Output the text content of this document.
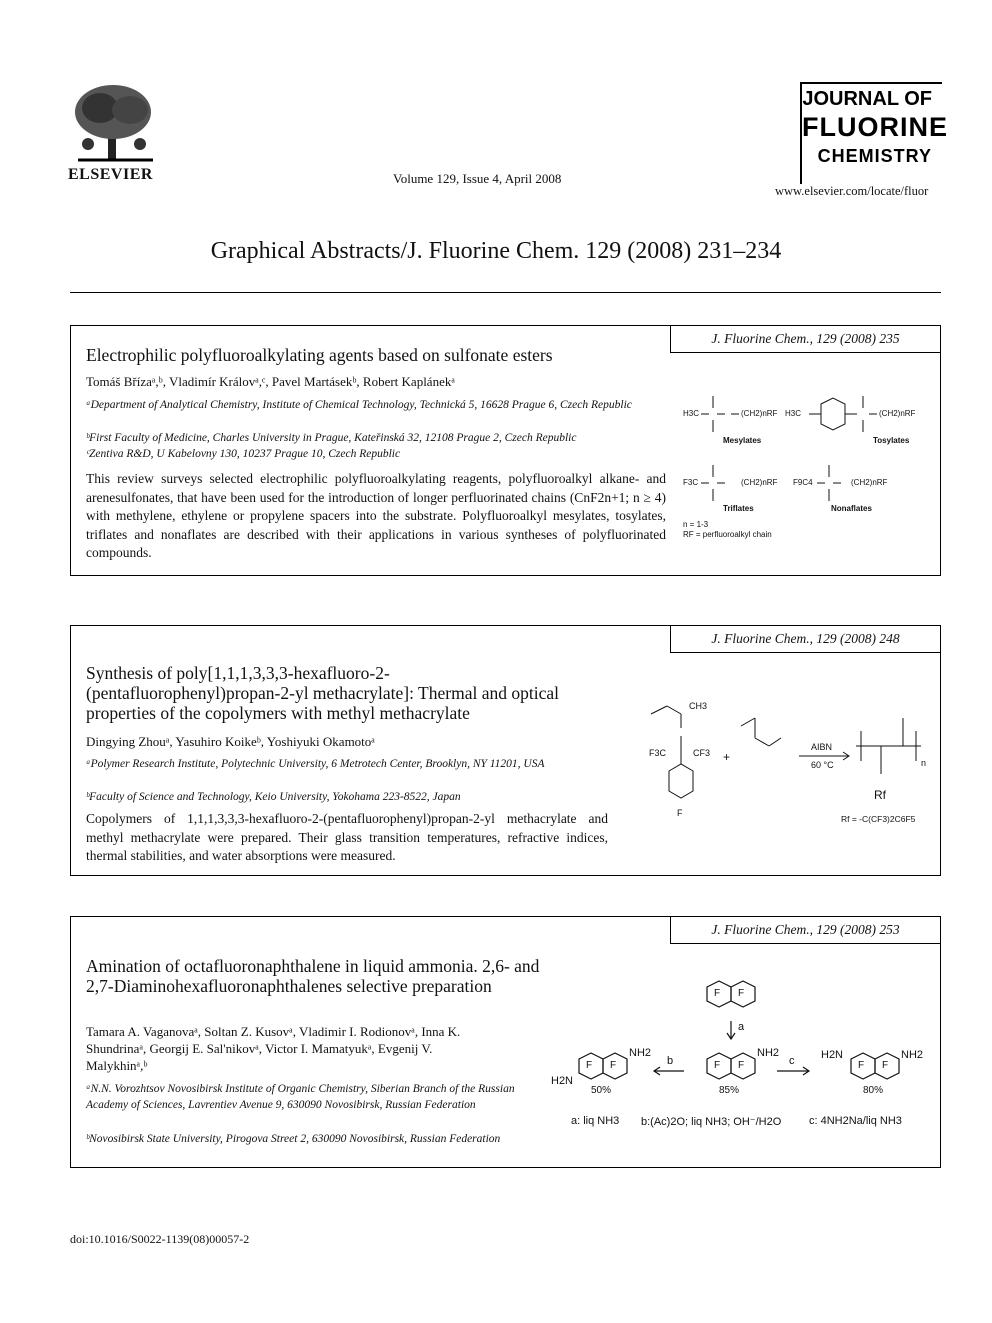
ELSEVIER	Volume 129, Issue 4, April 2008
JOURNAL OF
FLUORINE
CHEMISTRY
www.elsevier.com/locate/fluor
Graphical Abstracts/J. Fluorine Chem. 129 (2008) 231–234
J. Fluorine Chem., 129 (2008) 235
Electrophilic polyfluoroalkylating agents based on sulfonate esters
Tomáš Břízaᵃ,ᵇ, Vladimír Královᵃ,ᶜ, Pavel Martásekᵇ, Robert Kaplánekᵃ
ᵃDepartment of Analytical Chemistry, Institute of Chemical Technology, Technická 5, 16628 Prague 6, Czech Republic
ᵇFirst Faculty of Medicine, Charles University in Prague, Kateřinská 32, 12108 Prague 2, Czech Republic
ᶜZentiva R&D, U Kabelovny 130, 10237 Prague 10, Czech Republic
This review surveys selected electrophilic polyfluoroalkylating reagents, polyfluoroalkyl alkane- and arenesulfonates, that have been used for the introduction of longer perfluorinated chains (CnF2n+1; n ≥ 4) with methylene, ethylene or propylene spacers into the substrate. Polyfluoroalkyl mesylates, tosylates, triflates and nonaflates are described with their applications in various syntheses of polyfluorinated compounds.
H3C	(CH2)nRF H3C	(CH2)nRF
F3C	(CH2)nRF F9C4	(CH2)nRF
Mesylates	Tosylates
Triflates	Nonaflates
n = 1-3
RF = perfluoroalkyl chain
J. Fluorine Chem., 129 (2008) 248
Synthesis of poly[1,1,1,3,3,3-hexafluoro-2-(pentafluorophenyl)propan-2-yl methacrylate]: Thermal and optical properties of the copolymers with methyl methacrylate
Dingying Zhouᵃ, Yasuhiro Koikeᵇ, Yoshiyuki Okamotoᵃ
ᵃPolymer Research Institute, Polytechnic University, 6 Metrotech Center, Brooklyn, NY 11201, USA
ᵇFaculty of Science and Technology, Keio University, Yokohama 223-8522, Japan
Copolymers of 1,1,1,3,3,3-hexafluoro-2-(pentafluorophenyl)propan-2-yl methacrylate and methyl methacrylate were prepared. Their glass transition temperatures, refractive indices, thermal stabilities, and water absorptions were measured.
CH3
F3C	CF3
F
+
AIBN
60 °C	n
Rf
Rf = -C(CF3)2C6F5
J. Fluorine Chem., 129 (2008) 253
Amination of octafluoronaphthalene in liquid ammonia. 2,6- and 2,7-Diaminohexafluoronaphthalenes selective preparation
Tamara A. Vaganovaᵃ, Soltan Z. Kusovᵃ, Vladimir I. Rodionovᵃ, Inna K. Shundrinaᵃ, Georgij E. Sal'nikovᵃ, Victor I. Mamatyukᵃ, Evgenij V. Malykhinᵃ,ᵇ
ᵃN.N. Vorozhtsov Novosibirsk Institute of Organic Chemistry, Siberian Branch of the Russian Academy of Sciences, Lavrentiev Avenue 9, 630090 Novosibirsk, Russian Federation
ᵇNovosibirsk State University, Pirogova Street 2, 630090 Novosibirsk, Russian Federation
a
b	c
NH2
NH2
H2N
H2N	NH2
F F
F F
F F	F F
50%	85%	80%
a: liq NH3 b:(Ac)2O; liq NH3; OH⁻/H2O	c: 4NH2Na/liq NH3
doi:10.1016/S0022-1139(08)00057-2
